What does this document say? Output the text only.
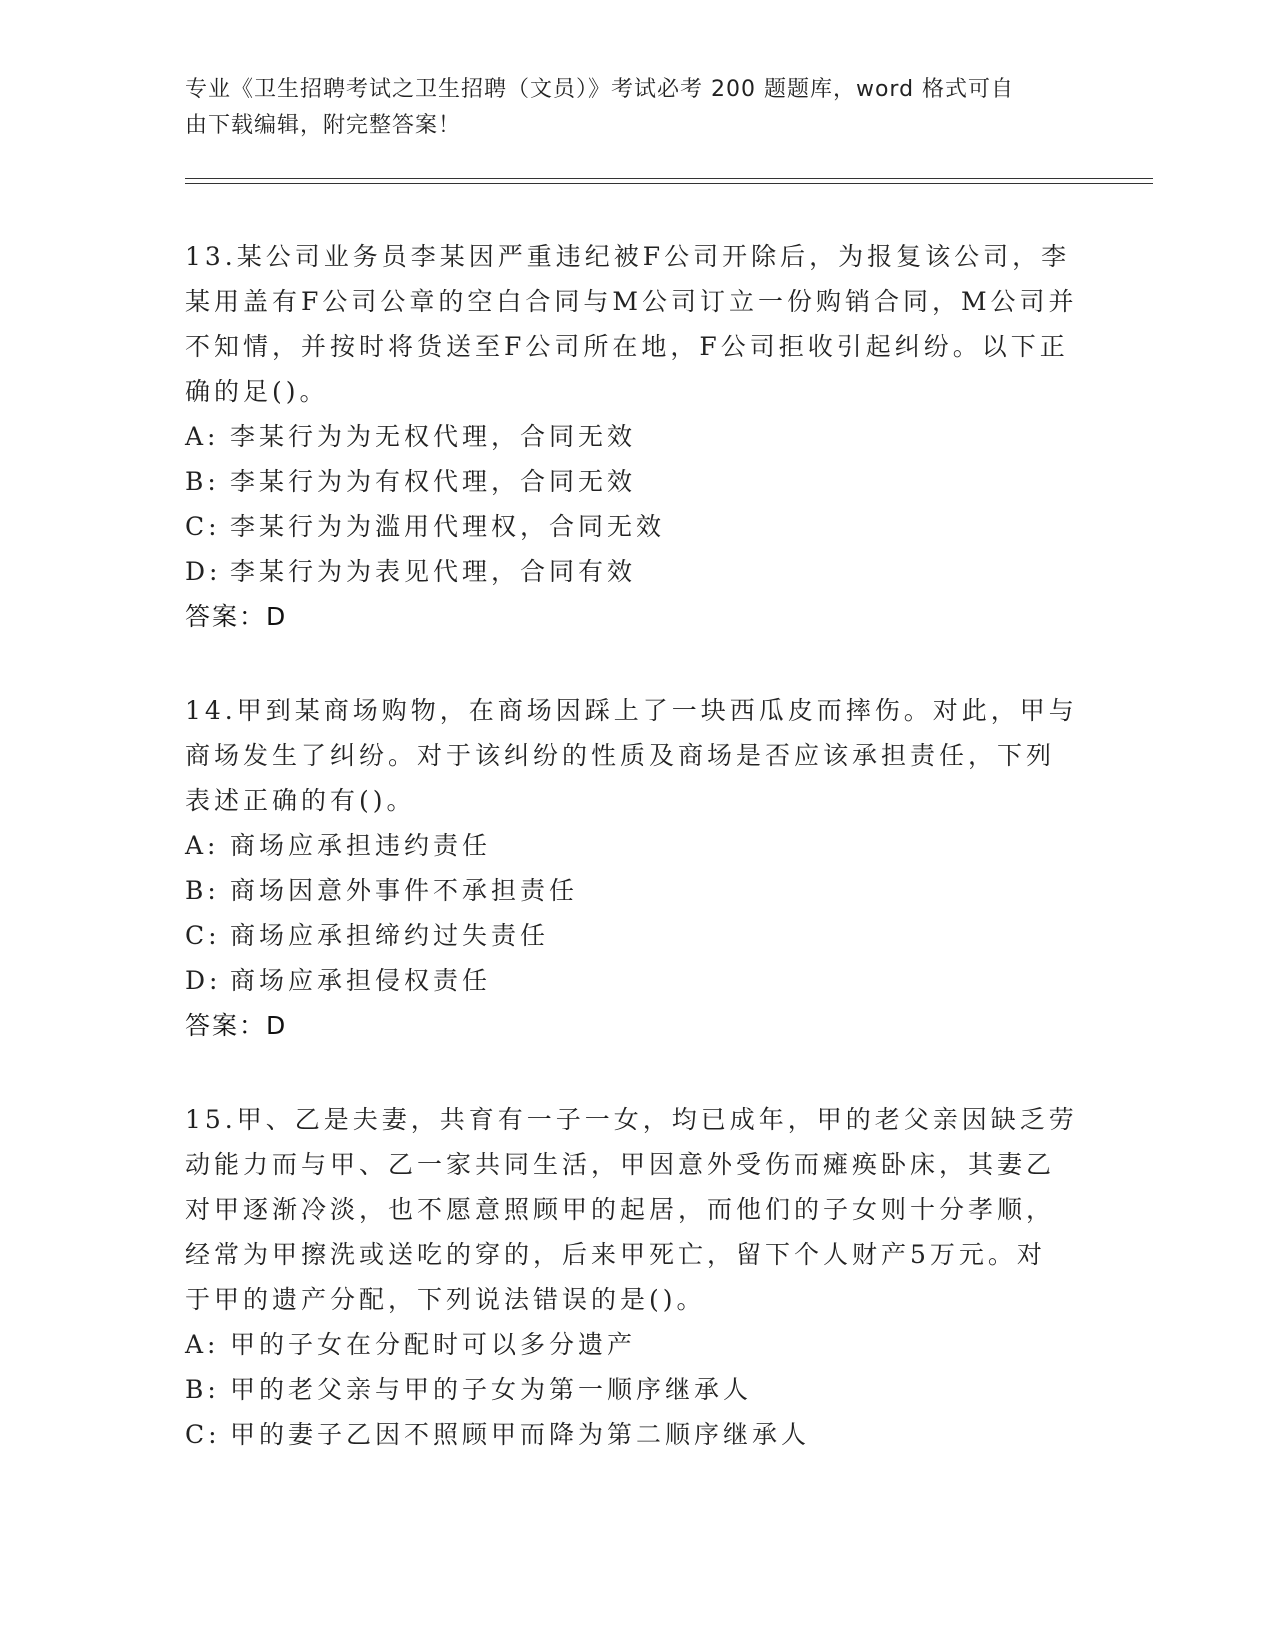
专业《卫生招聘考试之卫生招聘（文员）》考试必考 200 题题库，word 格式可自
由下载编辑，附完整答案！

13.某公司业务员李某因严重违纪被F公司开除后，为报复该公司，李

某用盖有F公司公章的空白合同与M公司订立一份购销合同，M公司并

不知情，并按时将货送至F公司所在地，F公司拒收引起纠纷。以下正

确的足()。

A: 李某行为为无权代理，合同无效
B: 李某行为为有权代理，合同无效
C: 李某行为为滥用代理权，合同无效
D: 李某行为为表见代理，合同有效

答案：D

14.甲到某商场购物，在商场因踩上了一块西瓜皮而摔伤。对此，甲与

商场发生了纠纷。对于该纠纷的性质及商场是否应该承担责任，下列

表述正确的有()。

A: 商场应承担违约责任
B: 商场因意外事件不承担责任
C: 商场应承担缔约过失责任
D: 商场应承担侵权责任

答案：D

15.甲、乙是夫妻，共育有一子一女，均已成年，甲的老父亲因缺乏劳

动能力而与甲、乙一家共同生活，甲因意外受伤而瘫痪卧床，其妻乙

对甲逐渐冷淡，也不愿意照顾甲的起居，而他们的子女则十分孝顺，

经常为甲擦洗或送吃的穿的，后来甲死亡，留下个人财产5万元。对

于甲的遗产分配，下列说法错误的是()。

A: 甲的子女在分配时可以多分遗产
B: 甲的老父亲与甲的子女为第一顺序继承人
C: 甲的妻子乙因不照顾甲而降为第二顺序继承人
